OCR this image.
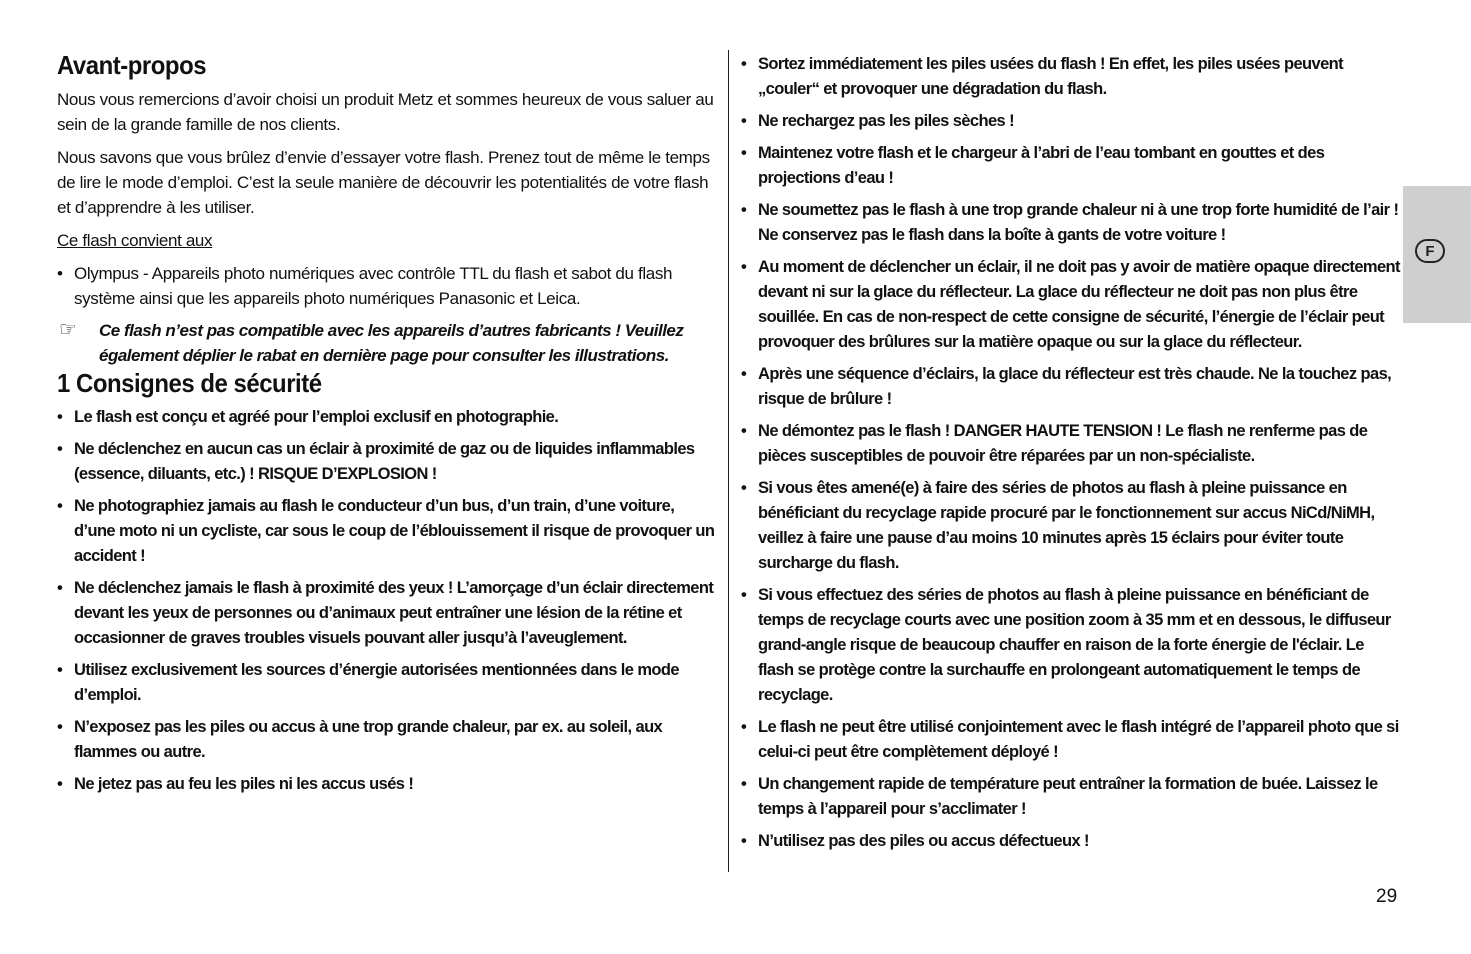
Avant-propos

Nous vous remercions d’avoir choisi un produit Metz et sommes heureux de vous saluer au sein de la grande famille de nos clients.

Nous savons que vous brûlez d’envie d’essayer votre flash. Prenez tout de même le temps de lire le mode d’emploi. C’est la seule manière de découvrir les potentialités de votre flash et d’apprendre à les utiliser.

Ce flash convient aux

• Olympus - Appareils photo numériques avec contrôle TTL du flash et sabot du flash système ainsi que les appareils photo numériques Panasonic et Leica.
☞ Ce flash n’est pas compatible avec les appareils d’autres fabricants ! Veuillez également déplier le rabat en dernière page pour consulter les illustrations.
1 Consignes de sécurité
• Le flash est conçu et agréé pour l’emploi exclusif en photographie.
• Ne déclenchez en aucun cas un éclair à proximité de gaz ou de liquides inflammables (essence, diluants, etc.) ! RISQUE D’EXPLOSION !
• Ne photographiez jamais au flash le conducteur d’un bus, d’un train, d’une voiture, d’une moto ni un cycliste, car sous le coup de l’éblouissement il risque de provoquer un accident !
• Ne déclenchez jamais le flash à proximité des yeux ! L’amorçage d’un éclair directement devant les yeux de personnes ou d’animaux peut entraîner une lésion de la rétine et occasionner de graves troubles visuels pouvant aller jusqu’à l’aveuglement.
• Utilisez exclusivement les sources d’énergie autorisées mentionnées dans le mode d’emploi.
• N’exposez pas les piles ou accus à une trop grande chaleur, par ex. au soleil, aux flammes ou autre.
• Ne jetez pas au feu les piles ni les accus usés !
• Sortez immédiatement les piles usées du flash ! En effet, les piles usées peuvent „couler“ et provoquer une dégradation du flash.
• Ne rechargez pas les piles sèches !
• Maintenez votre flash et le chargeur à l’abri de l’eau tombant en gouttes et des projections d’eau !
• Ne soumettez pas le flash à une trop grande chaleur ni à une trop forte humidité de l’air ! Ne conservez pas le flash dans la boîte à gants de votre voiture !
• Au moment de déclencher un éclair, il ne doit pas y avoir de matière opaque directement devant ni sur la glace du réflecteur. La glace du réflecteur ne doit pas non plus être souillée. En cas de non-respect de cette consigne de sécurité, l’énergie de l’éclair peut provoquer des brûlures sur la matière opaque ou sur la glace du réflecteur.
• Après une séquence d’éclairs, la glace du réflecteur est très chaude. Ne la touchez pas, risque de brûlure !
• Ne démontez pas le flash ! DANGER HAUTE TENSION ! Le flash ne renferme pas de pièces susceptibles de pouvoir être réparées par un non-spécialiste.
• Si vous êtes amené(e) à faire des séries de photos au flash à pleine puissance en bénéficiant du recyclage rapide procuré par le fonctionnement sur accus NiCd/NiMH, veillez à faire une pause d’au moins 10 minutes après 15 éclairs pour éviter toute surcharge du flash.
• Si vous effectuez des séries de photos au flash à pleine puissance en bénéficiant de temps de recyclage courts avec une position zoom à 35 mm et en dessous, le diffuseur grand-angle risque de beaucoup chauffer en raison de la forte énergie de l'éclair. Le flash se protège contre la surchauffe en prolongeant automatiquement le temps de recyclage.
• Le flash ne peut être utilisé conjointement avec le flash intégré de l’appareil photo que si celui-ci peut être complètement déployé !
• Un changement rapide de température peut entraîner la formation de buée. Laissez le temps à l’appareil pour s’acclimater !
• N’utilisez pas des piles ou accus défectueux !
F
29
